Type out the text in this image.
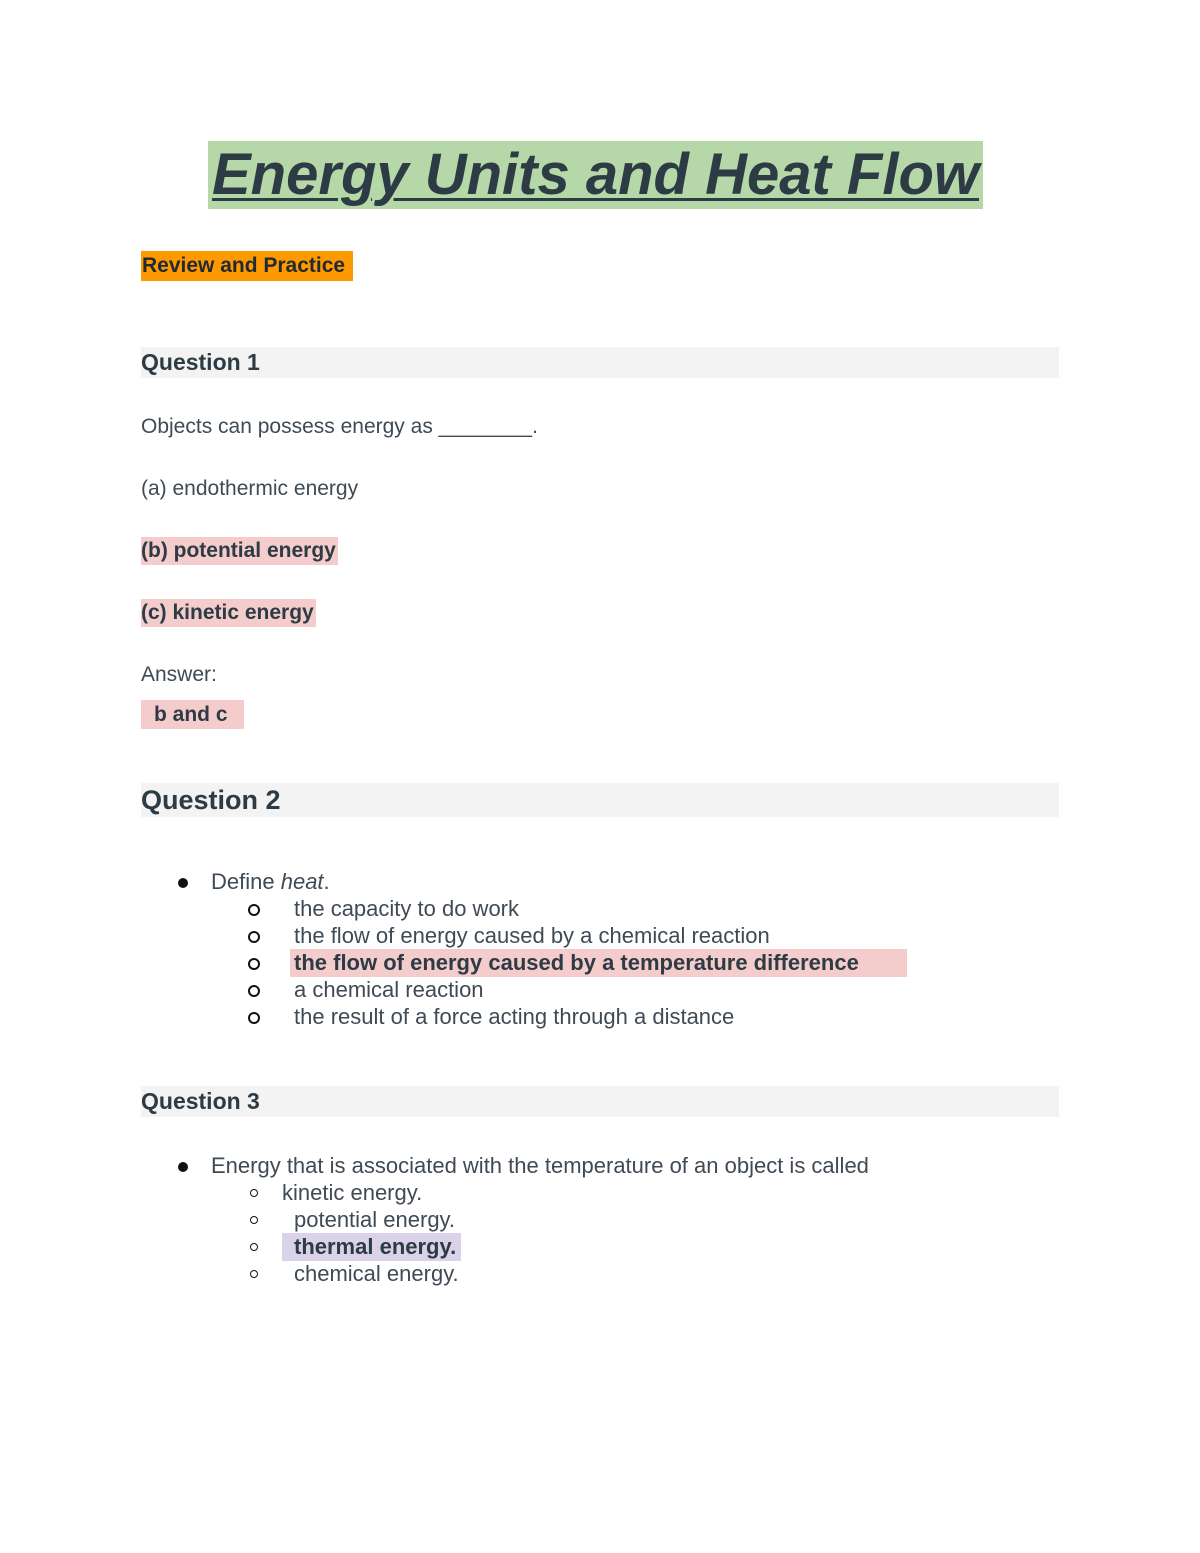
Energy Units and Heat Flow
Review and Practice
Question 1
Objects can possess energy as ________.
(a) endothermic energy
(b) potential energy
(c) kinetic energy
Answer:
b and c
Question 2
Define heat.
the capacity to do work
the flow of energy caused by a chemical reaction
the flow of energy caused by a temperature difference
a chemical reaction
the result of a force acting through a distance
Question 3
Energy that is associated with the temperature of an object is called
kinetic energy.
potential energy.
thermal energy.
chemical energy.
